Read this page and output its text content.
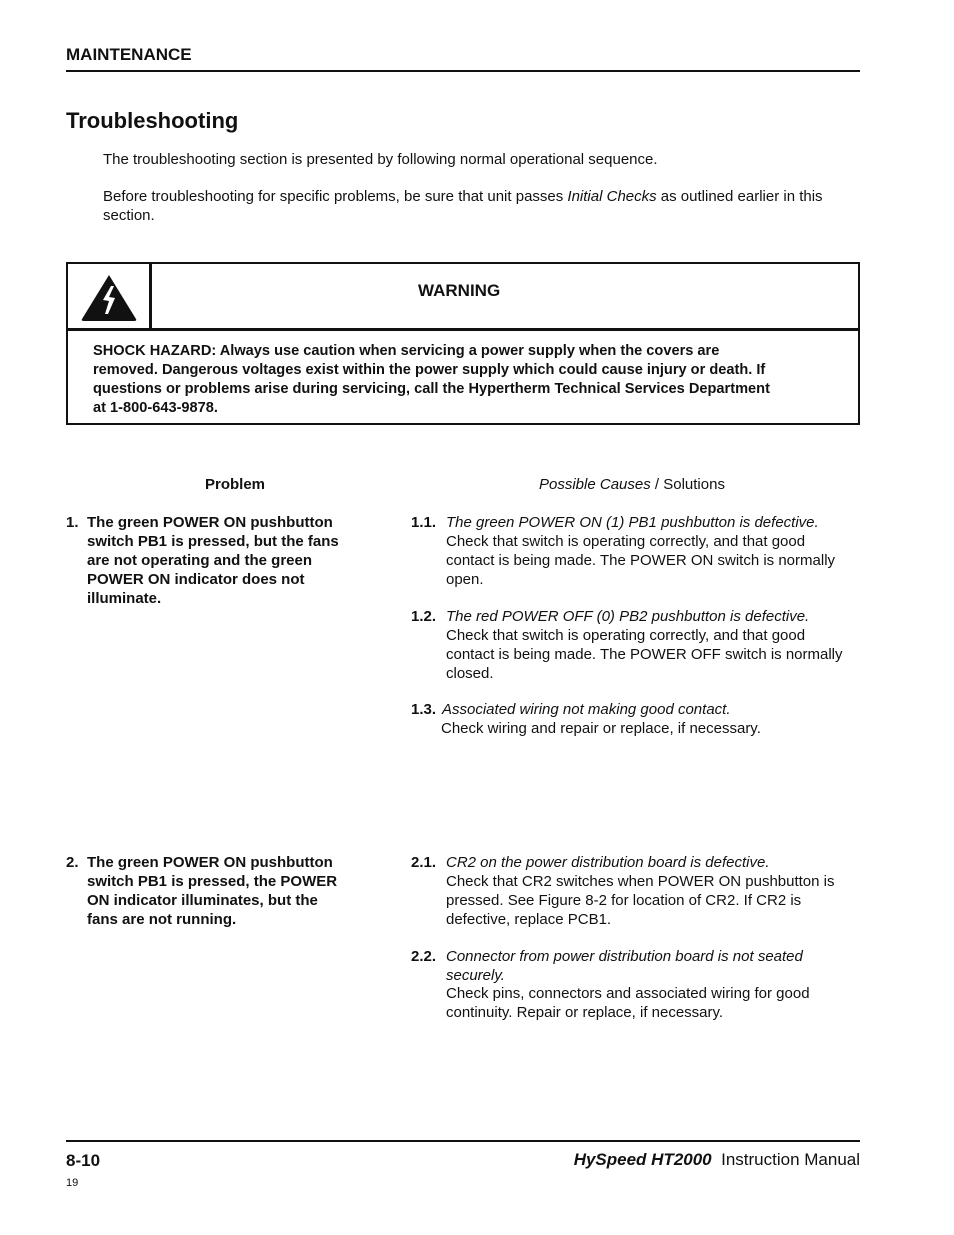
MAINTENANCE
Troubleshooting
The troubleshooting section is presented by following normal operational sequence.
Before troubleshooting for specific problems, be sure that unit passes Initial Checks as outlined earlier in this
section.
WARNING
SHOCK HAZARD: Always use caution when servicing a power supply when the covers are
removed. Dangerous voltages exist within the power supply which could cause injury or death. If
questions or problems arise during servicing, call the Hypertherm Technical Services Department
at 1-800-643-9878.
Problem	Possible Causes / Solutions
1. The green POWER ON pushbutton
switch PB1 is pressed, but the fans
are not operating and the green
POWER ON indicator does not
illuminate.
1.1. The green POWER ON (1) PB1 pushbutton is defective.
Check that switch is operating correctly, and that good
contact is being made. The POWER ON switch is normally
open.
1.2. The red POWER OFF (0) PB2 pushbutton is defective.
Check that switch is operating correctly, and that good
contact is being made. The POWER OFF switch is normally
closed.
1.3. Associated wiring not making good contact.
Check wiring and repair or replace, if necessary.
2. The green POWER ON pushbutton
switch PB1 is pressed, the POWER
ON indicator illuminates, but the
fans are not running.
2.1. CR2 on the power distribution board is defective.
Check that CR2 switches when POWER ON pushbutton is
pressed. See Figure 8-2 for location of CR2. If CR2 is
defective, replace PCB1.
2.2. Connector from power distribution board is not seated
securely.
Check pins, connectors and associated wiring for good
continuity. Repair or replace, if necessary.
8-10	HySpeed HT2000 Instruction Manual
19
